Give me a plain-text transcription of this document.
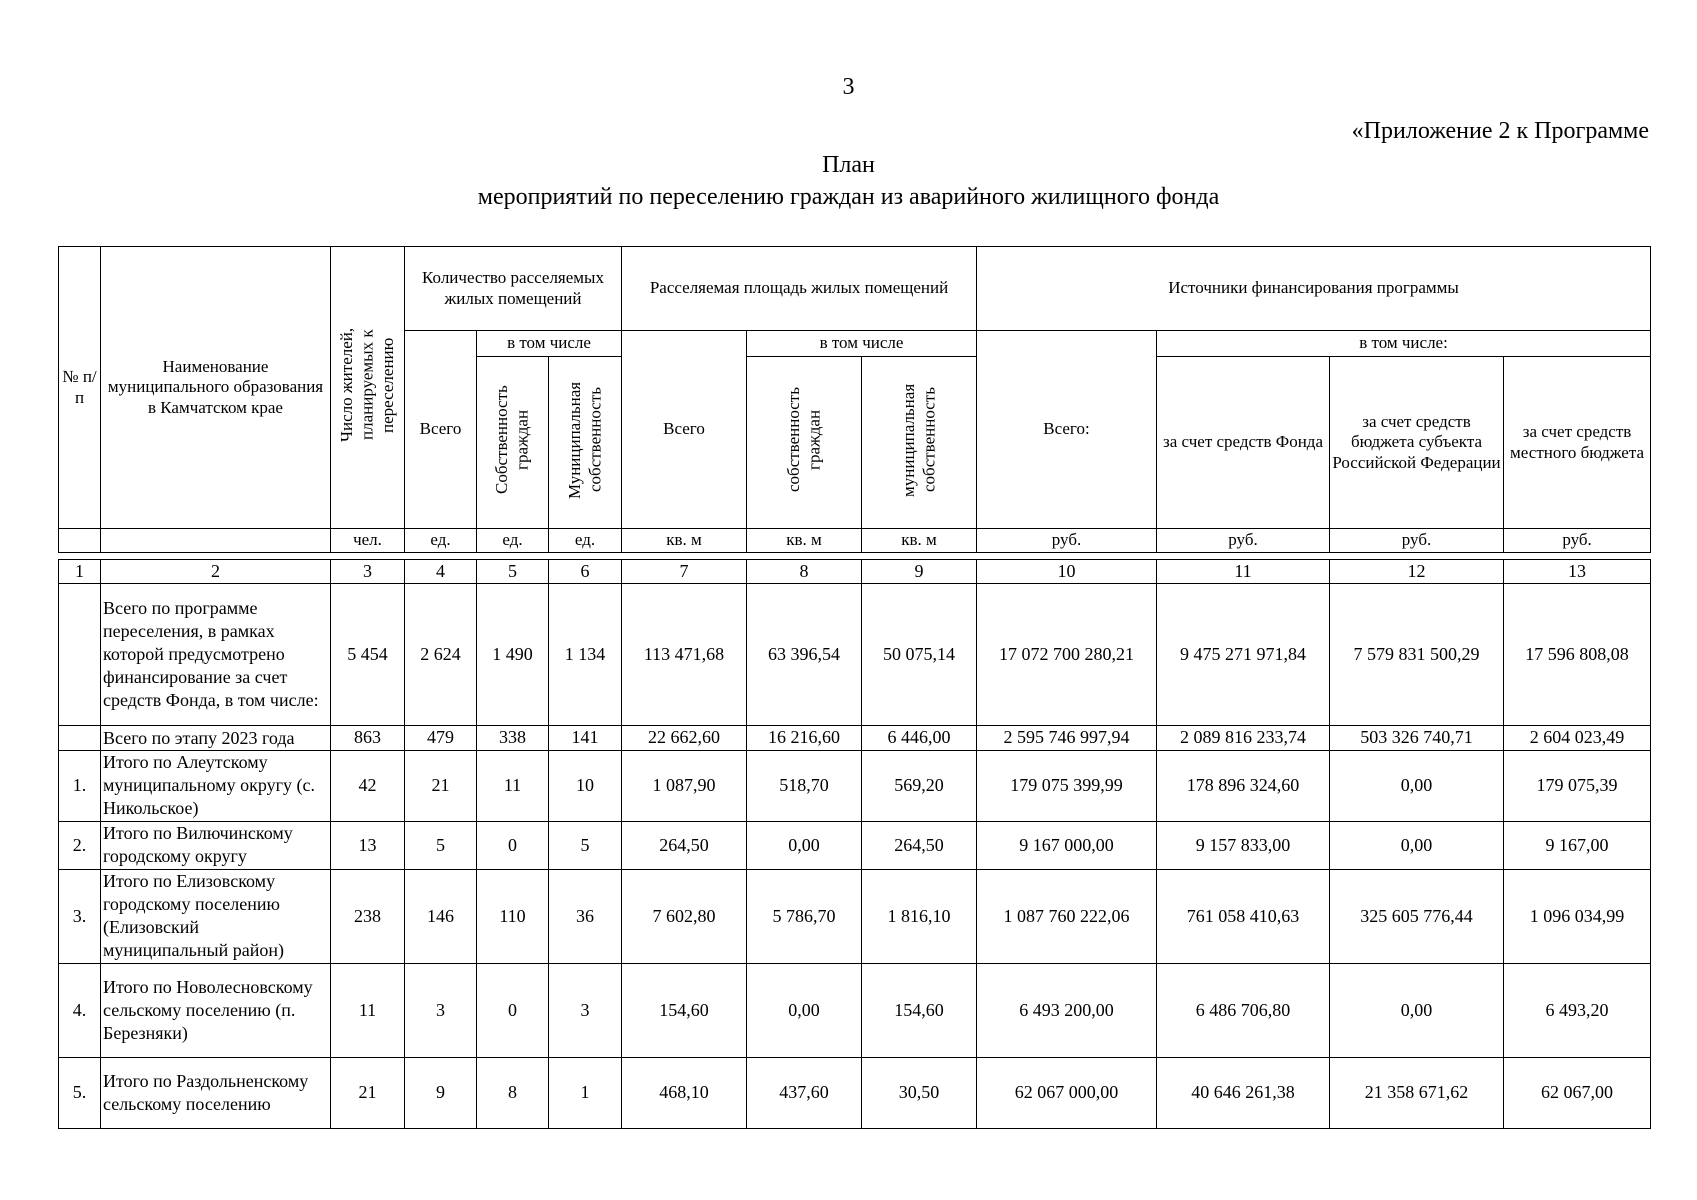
3
«Приложение 2 к Программе
План
мероприятий по переселению граждан из аварийного жилищного фонда
№ п/п	Наименование муниципального образования в Камчатском крае	Число жителей, планируемых к переселению	Количество расселяемых жилых помещений			Расселяемая площадь жилых помещений			Источники финансирования программы			
			Всего	в том числе		Всего	в том числе		Всего:	в том числе:		
				Собственность граждан	Муниципальная собственность		собственность граждан	муниципальная собственность		за счет средств Фонда	за счет средств бюджета субъекта Российской Федерации	за счет средств местного бюджета
		чел.	ед.	ед.	ед.	кв. м	кв. м	кв. м	руб.	руб.	руб.	руб.
1	2	3	4	5	6	7	8	9	10	11	12	13
	Всего по программе переселения, в рамках которой предусмотрено финансирование за счет средств Фонда, в том числе:	5 454	2 624	1 490	1 134	113 471,68	63 396,54	50 075,14	17 072 700 280,21	9 475 271 971,84	7 579 831 500,29	17 596 808,08
	Всего по этапу 2023 года	863	479	338	141	22 662,60	16 216,60	6 446,00	2 595 746 997,94	2 089 816 233,74	503 326 740,71	2 604 023,49
1.	Итого по Алеутскому муниципальному округу (с. Никольское)	42	21	11	10	1 087,90	518,70	569,20	179 075 399,99	178 896 324,60	0,00	179 075,39
2.	Итого по Вилючинскому городскому округу	13	5	0	5	264,50	0,00	264,50	9 167 000,00	9 157 833,00	0,00	9 167,00
3.	Итого по Елизовскому городскому поселению (Елизовский муниципальный район)	238	146	110	36	7 602,80	5 786,70	1 816,10	1 087 760 222,06	761 058 410,63	325 605 776,44	1 096 034,99
4.	Итого по Новолесновскому сельскому поселению (п. Березняки)	11	3	0	3	154,60	0,00	154,60	6 493 200,00	6 486 706,80	0,00	6 493,20
5.	Итого по Раздольненскому сельскому поселению	21	9	8	1	468,10	437,60	30,50	62 067 000,00	40 646 261,38	21 358 671,62	62 067,00
